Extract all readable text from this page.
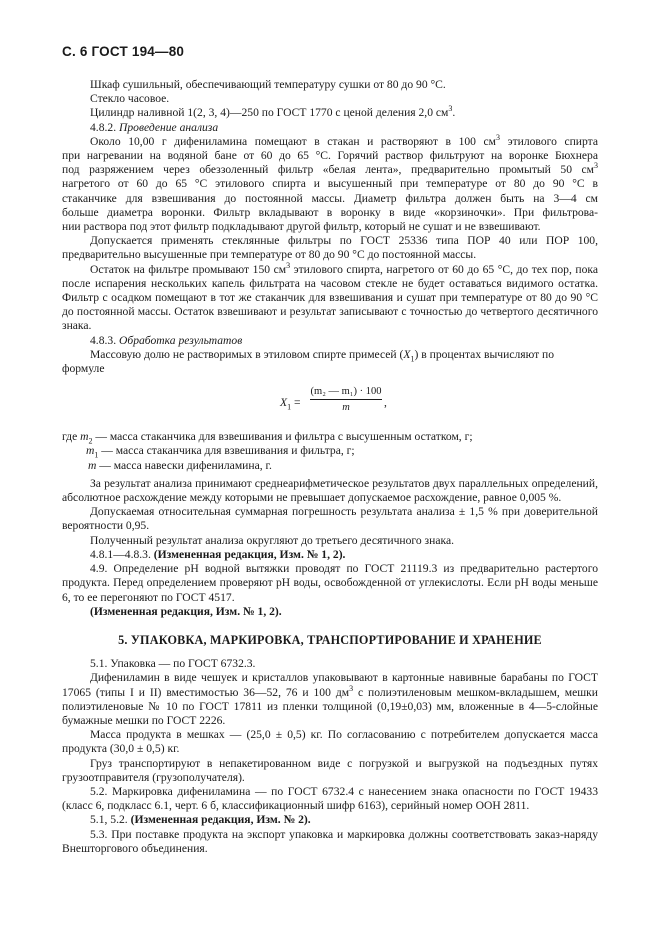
С. 6 ГОСТ 194—80

Шкаф сушильный, обеспечивающий температуру сушки от 80 до 90 °С.

Стекло часовое.

Цилиндр наливной 1(2, 3, 4)—250 по ГОСТ 1770 с ценой деления 2,0 $см^3$.

4.8.2. Проведение анализа

Около 10,00 г дифениламина помещают в стакан и растворяют в 100 $см^3$ этилового спирта

при нагревании на водяной бане от 60 до 65 °С. Горячий раствор фильтруют на воронке Бюхнера

под разряжением через обеззоленный фильтр «белая лента», предварительно промытый 50 $см^3$

нагретого от 60 до 65 °С этилового спирта и высушенный при температуре от 80 до 90 °С в

стаканчике для взвешивания до постоянной массы. Диаметр фильтра должен быть на 3—4 см

больше диаметра воронки. Фильтр вкладывают в воронку в виде «корзиночки». При фильтрова-

нии раствора под этот фильтр подкладывают другой фильтр, который не сушат и не взвешивают.

Допускается применять стеклянные фильтры по ГОСТ 25336 типа ПОР 40 или ПОР 100, предварительно высушенные при температуре от 80 до 90 °С до постоянной массы.

Остаток на фильтре промывают 150 $см^3$ этилового спирта, нагретого от 60 до 65 °С, до тех пор, пока после испарения нескольких капель фильтрата на часовом стекле не будет оставаться видимого остатка. Фильтр с осадком помещают в тот же стаканчик для взвешивания и сушат при температуре от 80 до 90 °С до постоянной массы. Остаток взвешивают и результат записывают с точностью до четвертого десятичного знака.

4.8.3. Обработка результатов

Массовую долю не растворимых в этиловом спирте примесей $(X_1)$ в процентах вычисляют по

формуле

$X_1$ =
(m₂ — m₁) · 100
m	,

где $m_2$ — масса стаканчика для взвешивания и фильтра с высушенным остатком, г;

$m_1$ — масса стаканчика для взвешивания и фильтра, г;

m — масса навески дифениламина, г.

За результат анализа принимают среднеарифметическое результатов двух параллельных определений, абсолютное расхождение между которыми не превышает допускаемое расхождение, равное 0,005 %.

Допускаемая относительная суммарная погрешность результата анализа ± 1,5 % при доверительной вероятности 0,95.

Полученный результат анализа округляют до третьего десятичного знака.

4.8.1—4.8.3. (Измененная редакция, Изм. № 1, 2).

4.9. Определение pH водной вытяжки проводят по ГОСТ 21119.3 из предварительно растертого продукта. Перед определением проверяют pH воды, освобожденной от углекислоты. Если pH воды меньше 6, то ее перегоняют по ГОСТ 4517.

(Измененная редакция, Изм. № 1, 2).

5. УПАКОВКА, МАРКИРОВКА, ТРАНСПОРТИРОВАНИЕ И ХРАНЕНИЕ

5.1. Упаковка — по ГОСТ 6732.3.

Дифениламин в виде чешуек и кристаллов упаковывают в картонные навивные барабаны по ГОСТ 17065 (типы I и II) вместимостью 36—52, 76 и 100 $дм^3$ с полиэтиленовым мешком-вкладышем, мешки полиэтиленовые № 10 по ГОСТ 17811 из пленки толщиной (0,19±0,03) мм, вложенные в 4—5-слойные бумажные мешки по ГОСТ 2226.

Масса продукта в мешках — (25,0 ± 0,5) кг. По согласованию с потребителем допускается масса продукта (30,0 ± 0,5) кг.

Груз транспортируют в непакетированном виде с погрузкой и выгрузкой на подъездных путях грузоотправителя (грузополучателя).

5.2. Маркировка дифениламина — по ГОСТ 6732.4 с нанесением знака опасности по ГОСТ 19433 (класс 6, подкласс 6.1, черт. 6 б, классификационный шифр 6163), серийный номер ООН 2811.

5.1, 5.2. (Измененная редакция, Изм. № 2).

5.3. При поставке продукта на экспорт упаковка и маркировка должны соответствовать заказ-наряду Внешторгового объединения.
